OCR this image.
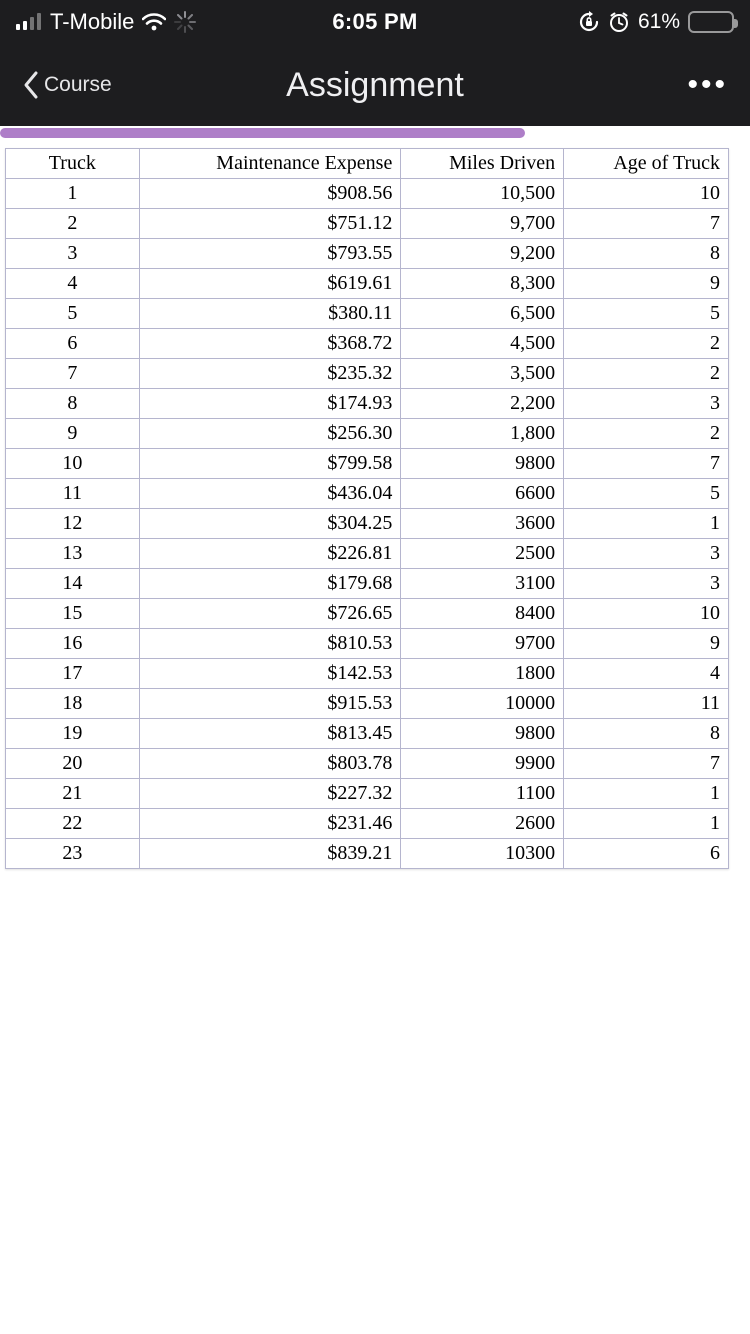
T-Mobile	6:05 PM	61%
Course	Assignment	•••
Truck	Maintenance Expense	Miles Driven	Age of Truck
1	$908.56	10,500	10
2	$751.12	9,700	7
3	$793.55	9,200	8
4	$619.61	8,300	9
5	$380.11	6,500	5
6	$368.72	4,500	2
7	$235.32	3,500	2
8	$174.93	2,200	3
9	$256.30	1,800	2
10	$799.58	9800	7
11	$436.04	6600	5
12	$304.25	3600	1
13	$226.81	2500	3
14	$179.68	3100	3
15	$726.65	8400	10
16	$810.53	9700	9
17	$142.53	1800	4
18	$915.53	10000	11
19	$813.45	9800	8
20	$803.78	9900	7
21	$227.32	1100	1
22	$231.46	2600	1
23	$839.21	10300	6
